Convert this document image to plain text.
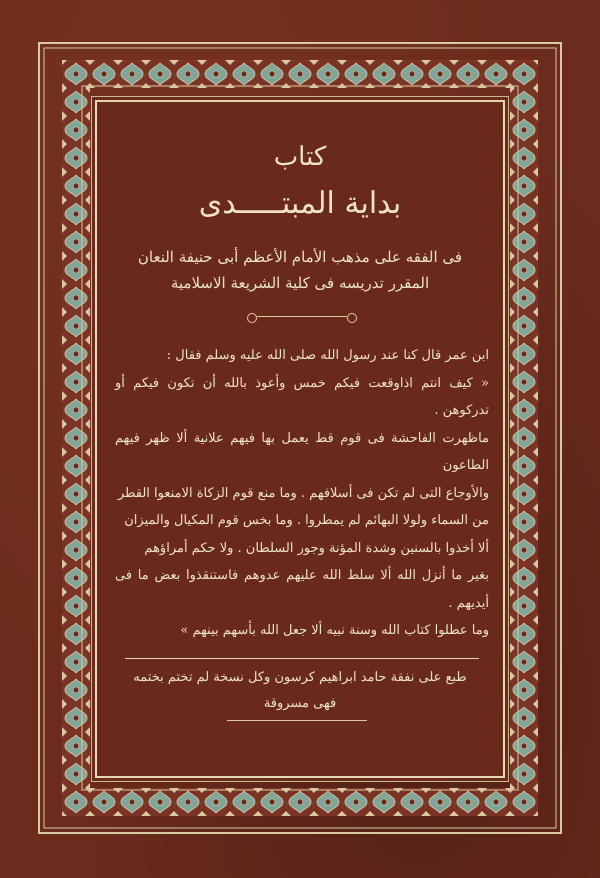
كتاب
بداية المبتـــــدى
فى الفقه على مذهب الأمام الأعظم أبى حنيفة النعان
المقرر تدريسه فى كلية الشريعة الاسلامية

ابن عمر قال كنا عند رسول الله صلى الله عليه وسلم فقال :

« كيف انتم اذاوقعت فيكم خمس وأعوذ بالله أن تكون فيكم أو تدركوهن .

ماظهرت الفاحشة فى قوم قط يعمل بها فيهم علانية ألا ظهر فيهم الطاعون

والأوجاع التى لم تكن فى أسلافهم . وما منع قوم الزكاة الامنعوا القطر

من السماء ولولا البهائم لم يمطروا . وما بخس قوم المكيال والميزان

ألا أخذوا بالسنين وشدة المؤنة وجور السلطان . ولا حكم أمراؤهم

بغير ما أنزل الله ألا سلط الله عليهم عدوهم فاستنقذوا بعض ما فى أيديهم .

وما عطلوا كتاب الله وسنة نبيه ألا جعل الله بأسهم بينهم »

طبع على نفقة حامد ابراهيم كرسون وكل نسخة لم تختم بختمه
فهى مسروقة
